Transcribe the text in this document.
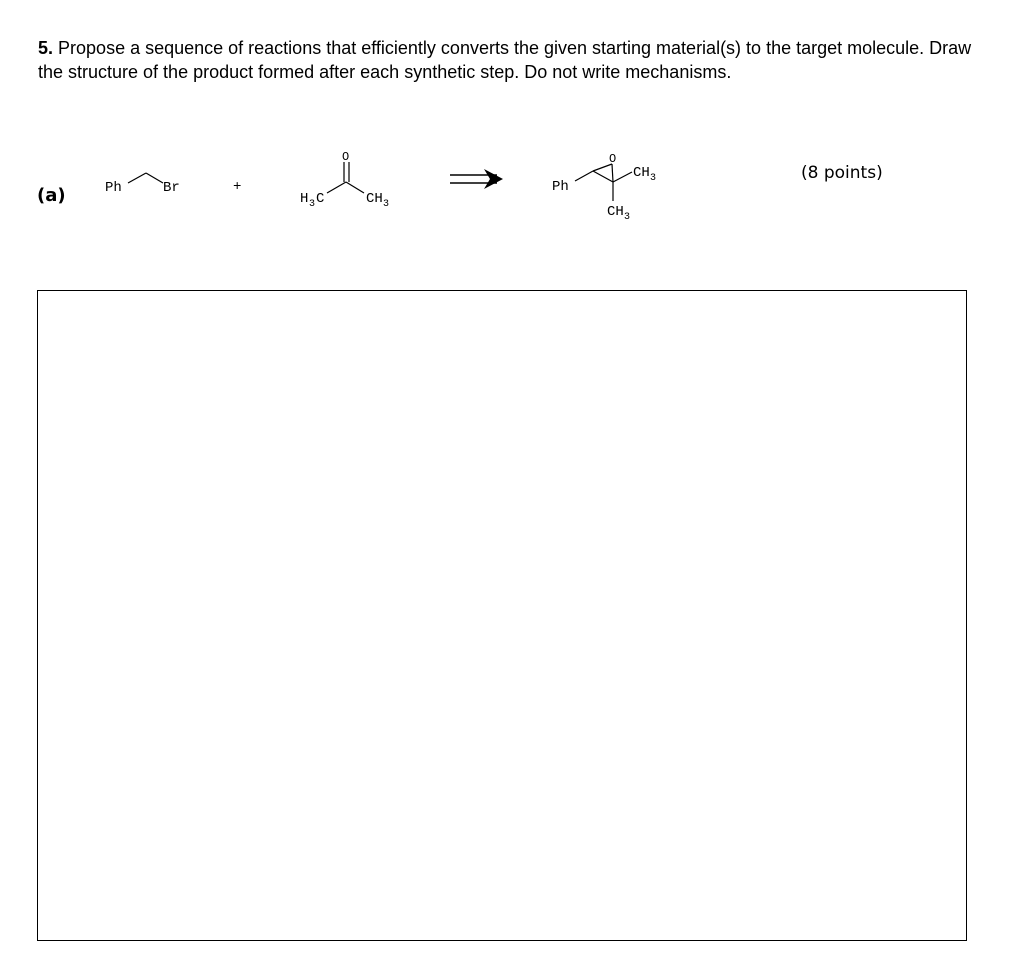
5. Propose a sequence of reactions that efficiently converts the given starting material(s) to the target molecule. Draw the structure of the product formed after each synthetic step. Do not write mechanisms.
(a)
(8 points)
Ph	Br	+
H 3 C
O
CH 3
Ph
O
CH 3
CH 3
